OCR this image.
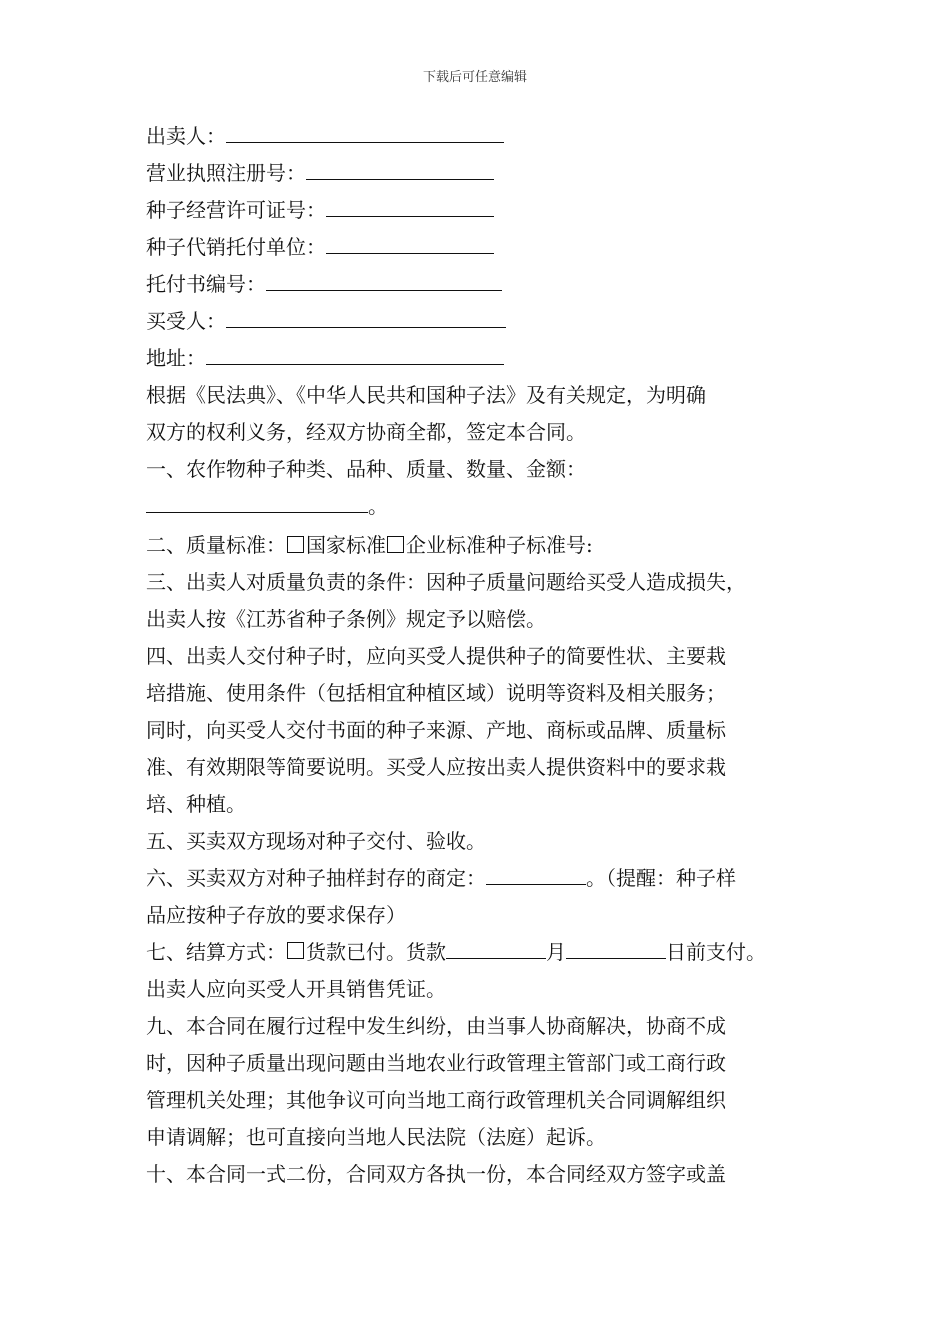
下载后可任意编辑
出卖人：
营业执照注册号：
种子经营许可证号：
种子代销托付单位：
托付书编号：
买受人：
地址：
根据《民法典》、《中华人民共和国种子法》及有关规定，为明确
双方的权利义务，经双方协商全都，签定本合同。
一、农作物种子种类、品种、质量、数量、金额：
。
二、质量标准： 国家标准 企业标准种子标准号:
三、出卖人对质量负责的条件：因种子质量问题给买受人造成损失，
出卖人按《江苏省种子条例》规定予以赔偿。
四、出卖人交付种子时，应向买受人提供种子的简要性状、主要栽
培措施、使用条件（包括相宜种植区域）说明等资料及相关服务；
同时，向买受人交付书面的种子来源、产地、商标或品牌、质量标
准、有效期限等简要说明。买受人应按出卖人提供资料中的要求栽
培、种植。
五、买卖双方现场对种子交付、验收。
六、买卖双方对种子抽样封存的商定：	。（提醒：种子样
品应按种子存放的要求保存）
七、结算方式： 货款已付。货款	月	日前支付。
出卖人应向买受人开具销售凭证。
九、本合同在履行过程中发生纠纷，由当事人协商解决，协商不成
时，因种子质量出现问题由当地农业行政管理主管部门或工商行政
管理机关处理；其他争议可向当地工商行政管理机关合同调解组织
申请调解；也可直接向当地人民法院（法庭）起诉。
十、本合同一式二份，合同双方各执一份，本合同经双方签字或盖
